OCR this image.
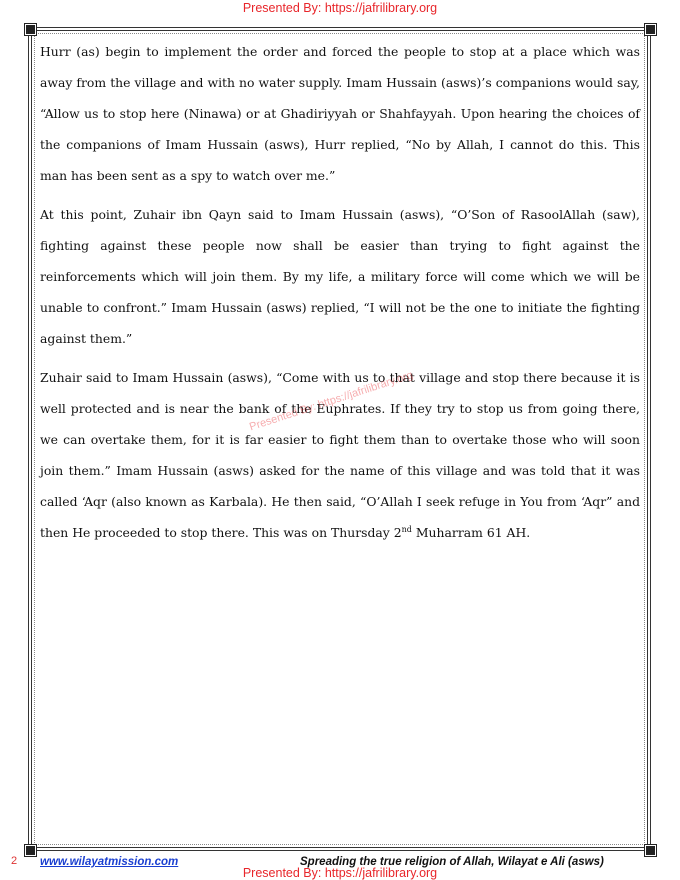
Presented By: https://jafrilibrary.org

Hurr (as) begin to implement the order and forced the people to stop at a place which was away from the village and with no water supply. Imam Hussain (asws)’s companions would say, “Allow us to stop here (Ninawa) or at Ghadiriyyah or Shahfayyah. Upon hearing the choices of the companions of Imam Hussain (asws), Hurr replied, “No by Allah, I cannot do this. This man has been sent as a spy to watch over me.”

At this point, Zuhair ibn Qayn said to Imam Hussain (asws), “O’Son of RasoolAllah (saw), fighting against these people now shall be easier than trying to fight against the reinforcements which will join them. By my life, a military force will come which we will be unable to confront.” Imam Hussain (asws) replied, “I will not be the one to initiate the fighting against them.”

Zuhair said to Imam Hussain (asws), “Come with us to that village and stop there because it is well protected and is near the bank of the Euphrates. If they try to stop us from going there, we can overtake them, for it is far easier to fight them than to overtake those who will soon join them.” Imam Hussain (asws) asked for the name of this village and was told that it was called ‘Aqr (also known as Karbala). He then said, “O’Allah I seek refuge in You from ‘Aqr” and then He proceeded to stop there. This was on Thursday 2nd Muharram 61 AH.

Presented By: https://jafrilibrary.org
2 www.wilayatmission.com	Spreading the true religion of Allah, Wilayat e Ali (asws)
Presented By: https://jafrilibrary.org
